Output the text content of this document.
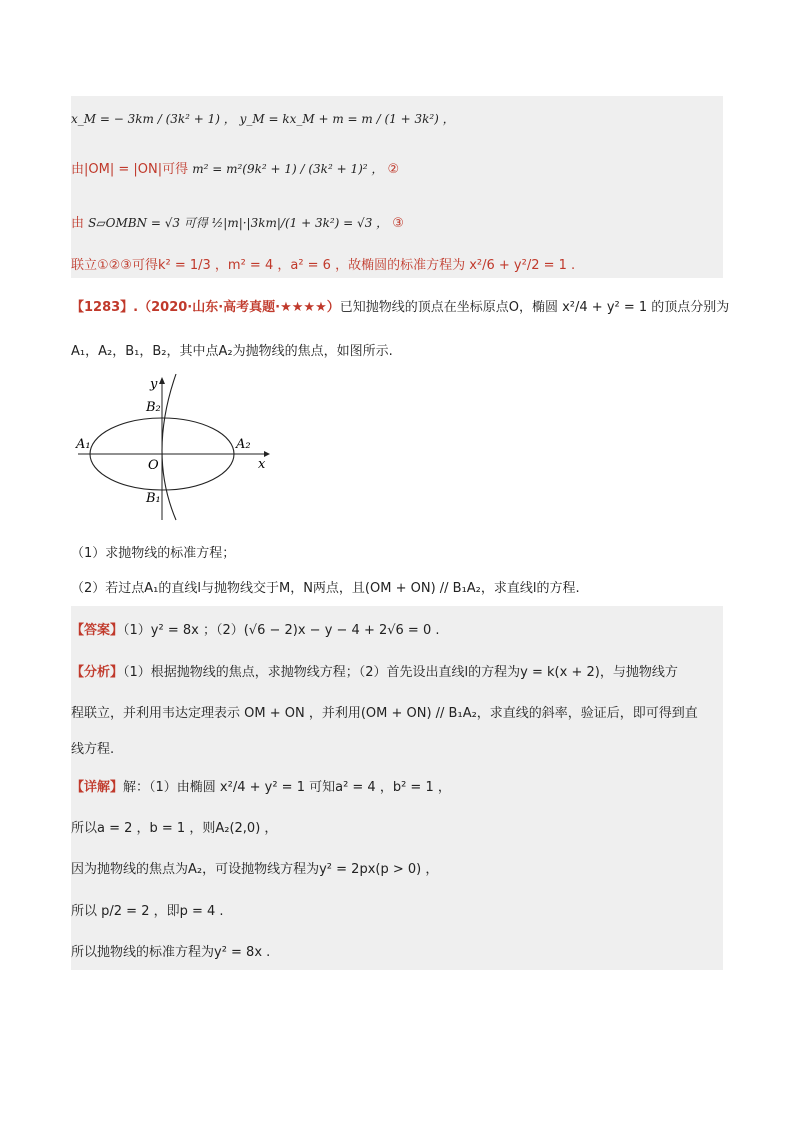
x_M = − 3km / (3k² + 1) ， y_M = kx_M + m = m / (1 + 3k²) ，
由|OM| = |ON|可得 m² = m²(9k² + 1) / (3k² + 1)² ， ②
由 S▱OMBN = √3 可得 ½|m|·|3km|/(1 + 3k²) = √3 ， ③
联立①②③可得k² = 1/3 ，m² = 4 ，a² = 6 ，故椭圆的标准方程为 x²/6 + y²/2 = 1 .
【1283】.（2020·山东·高考真题·★★★★）已知抛物线的顶点在坐标原点O，椭圆 x²/4 + y² = 1 的顶点分别为
A₁，A₂，B₁，B₂，其中点A₂为抛物线的焦点，如图所示.
y
x
O
A₁	A₂
B₁
B₂
（1）求抛物线的标准方程；
（2）若过点A₁的直线l与抛物线交于M，N两点，且(OM + ON) // B₁A₂，求直线l的方程.
【答案】（1）y² = 8x ；（2）(√6 − 2)x − y − 4 + 2√6 = 0 .
【分析】（1）根据抛物线的焦点，求抛物线方程；（2）首先设出直线l的方程为y = k(x + 2)，与抛物线方
程联立，并利用韦达定理表示 OM + ON ，并利用(OM + ON) // B₁A₂，求直线的斜率，验证后，即可得到直
线方程.
【详解】解：（1）由椭圆 x²/4 + y² = 1 可知a² = 4 ，b² = 1 ，
所以a = 2 ，b = 1 ，则A₂(2,0) ，
因为抛物线的焦点为A₂，可设抛物线方程为y² = 2px(p > 0) ，
所以 p/2 = 2 ，即p = 4 .
所以抛物线的标准方程为y² = 8x .
